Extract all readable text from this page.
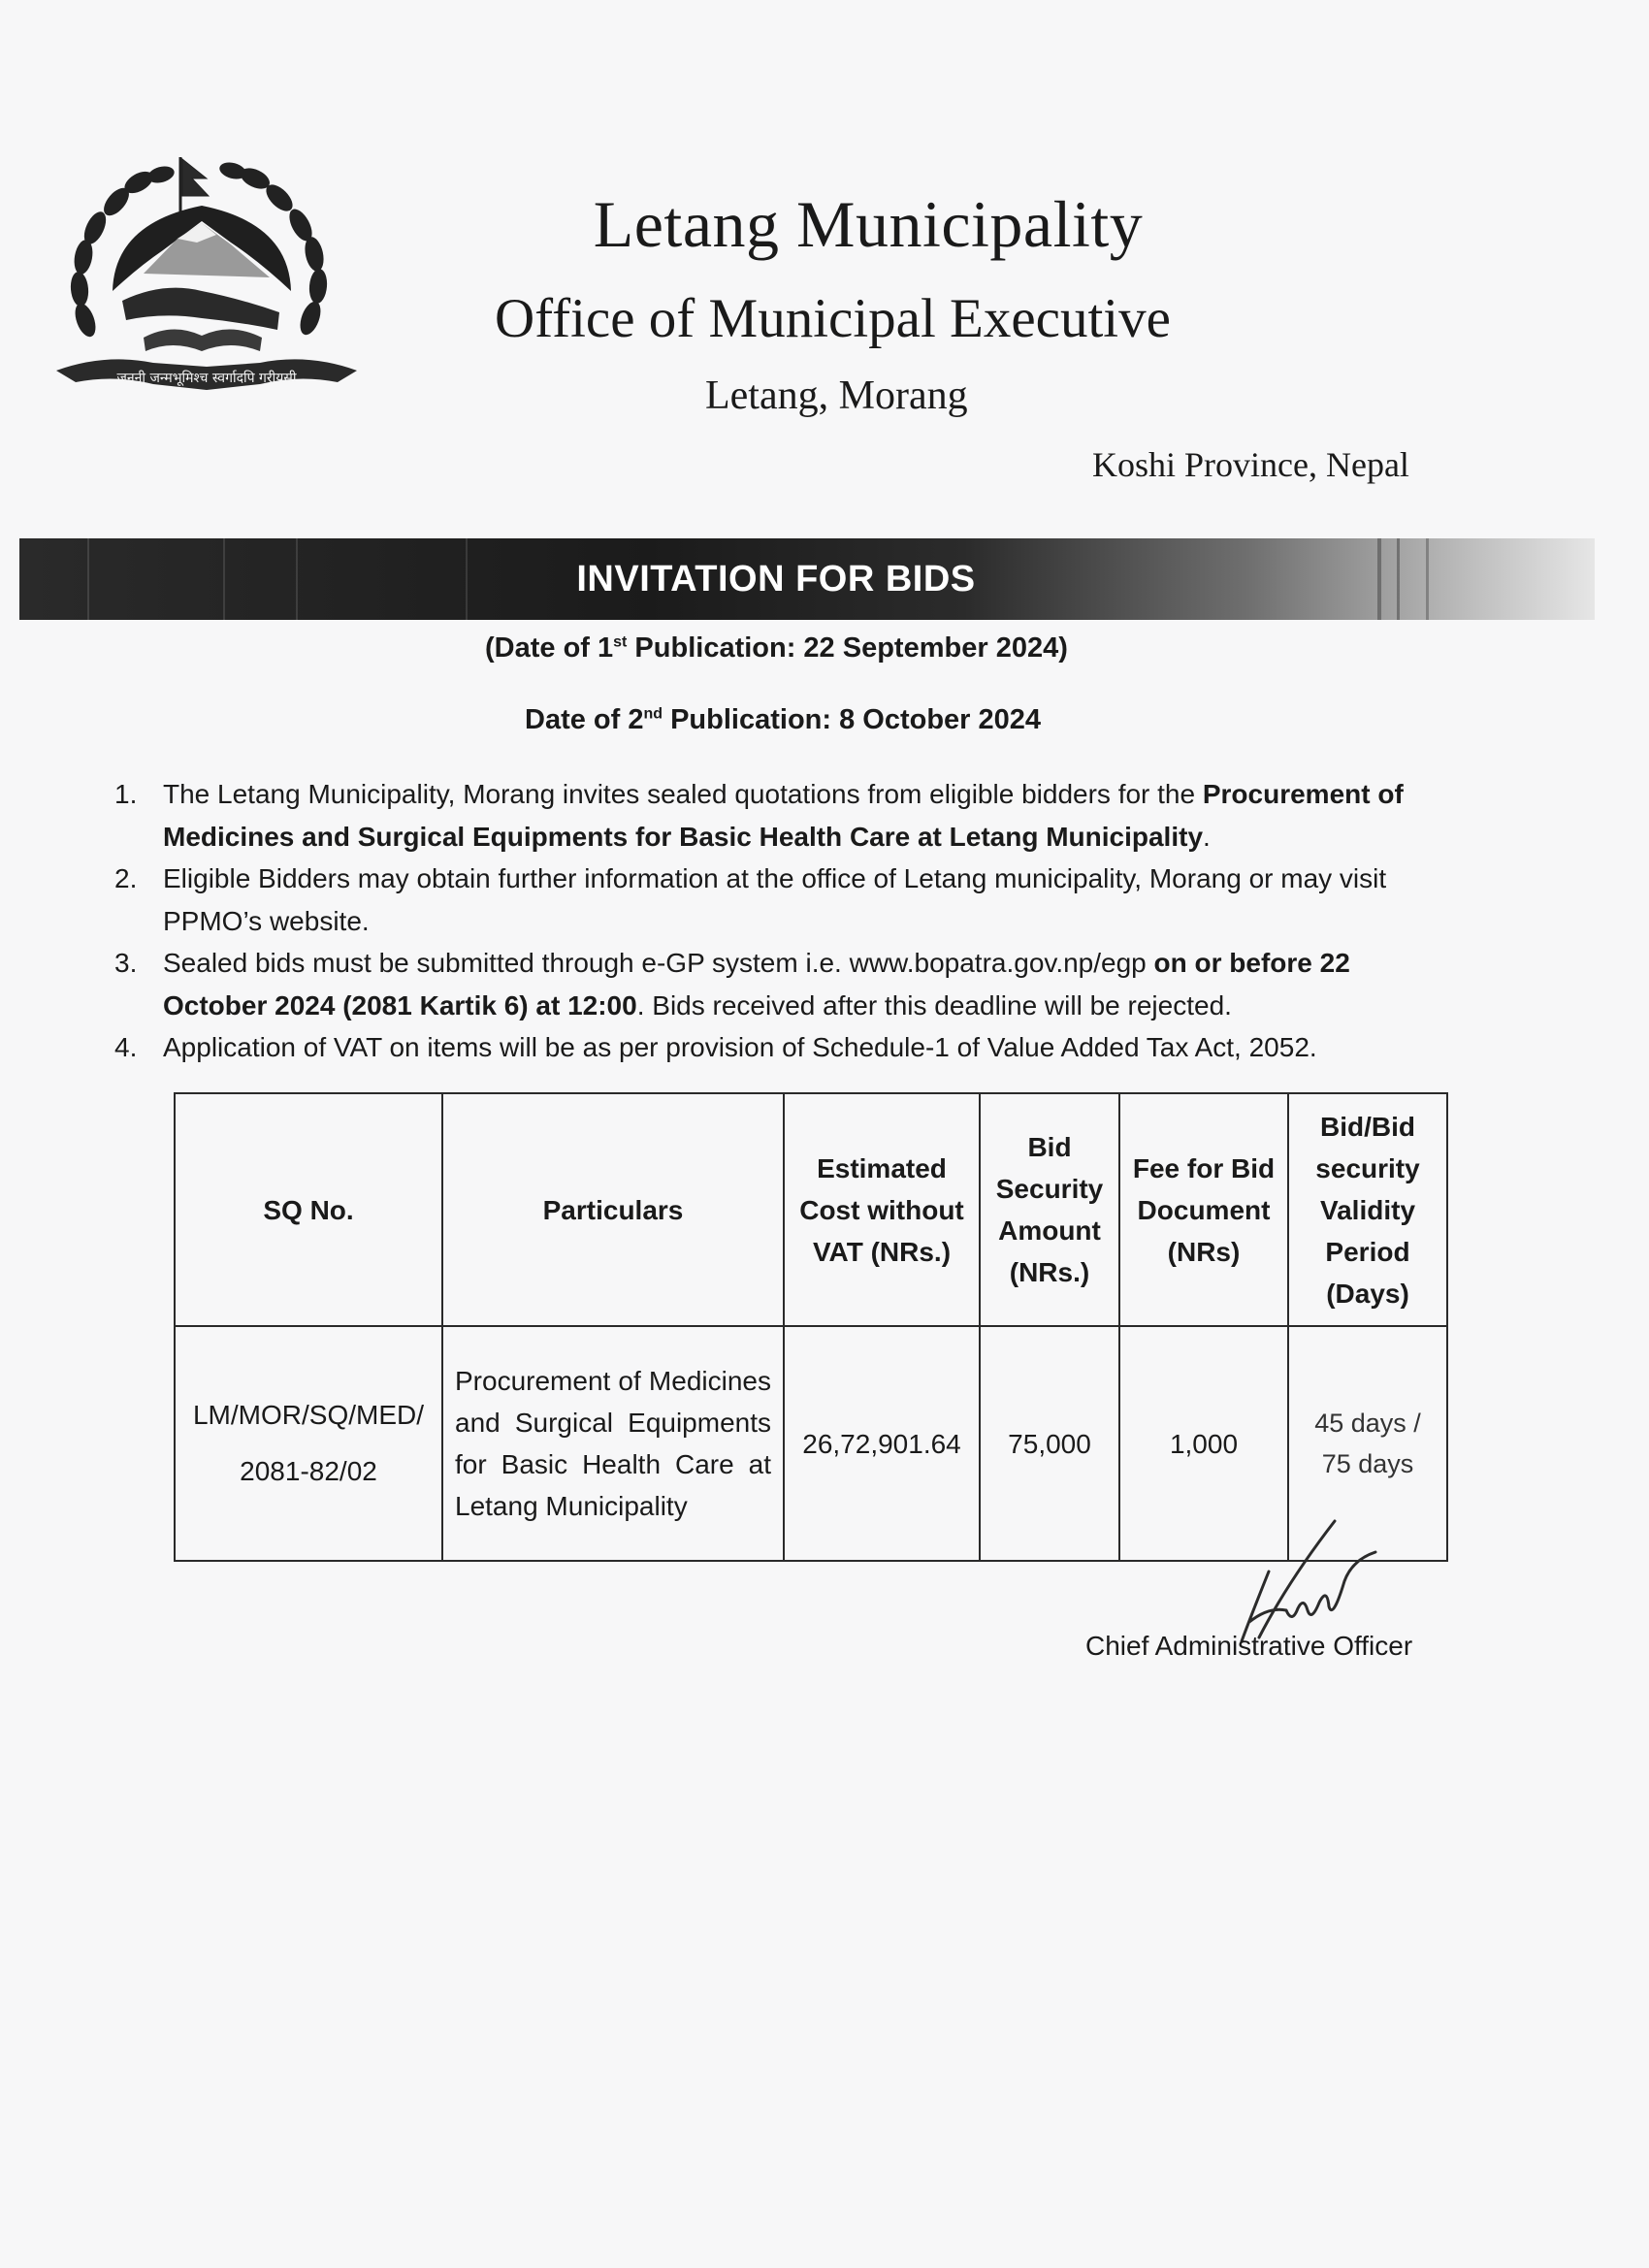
जननी जन्मभूमिश्च स्वर्गादपि गरीयसी
Letang Municipality
Office of Municipal Executive
Letang, Morang
Koshi Province, Nepal
INVITATION FOR BIDS
(Date of 1st Publication: 22 September 2024)
Date of 2nd Publication: 8 October 2024
1. The Letang Municipality, Morang invites sealed quotations from eligible bidders for the Procurement of Medicines and Surgical Equipments for Basic Health Care at Letang Municipality.
2. Eligible Bidders may obtain further information at the office of Letang municipality, Morang or may visit PPMO’s website.
3. Sealed bids must be submitted through e-GP system i.e. www.bopatra.gov.np/egp on or before 22 October 2024 (2081 Kartik 6) at 12:00. Bids received after this deadline will be rejected.
4. Application of VAT on items will be as per provision of Schedule-1 of Value Added Tax Act, 2052.
SQ No.	Particulars	Estimated Cost without VAT (NRs.)	Bid Security Amount (NRs.)	Fee for Bid Document (NRs)	Bid/Bid security Validity Period (Days)
LM/MOR/SQ/MED/
2081-82/02	Procurement of Medicines and Surgical Equipments for Basic Health Care at Letang Municipality	26,72,901.64	75,000	1,000	45 days / 75 days
Chief Administrative Officer
